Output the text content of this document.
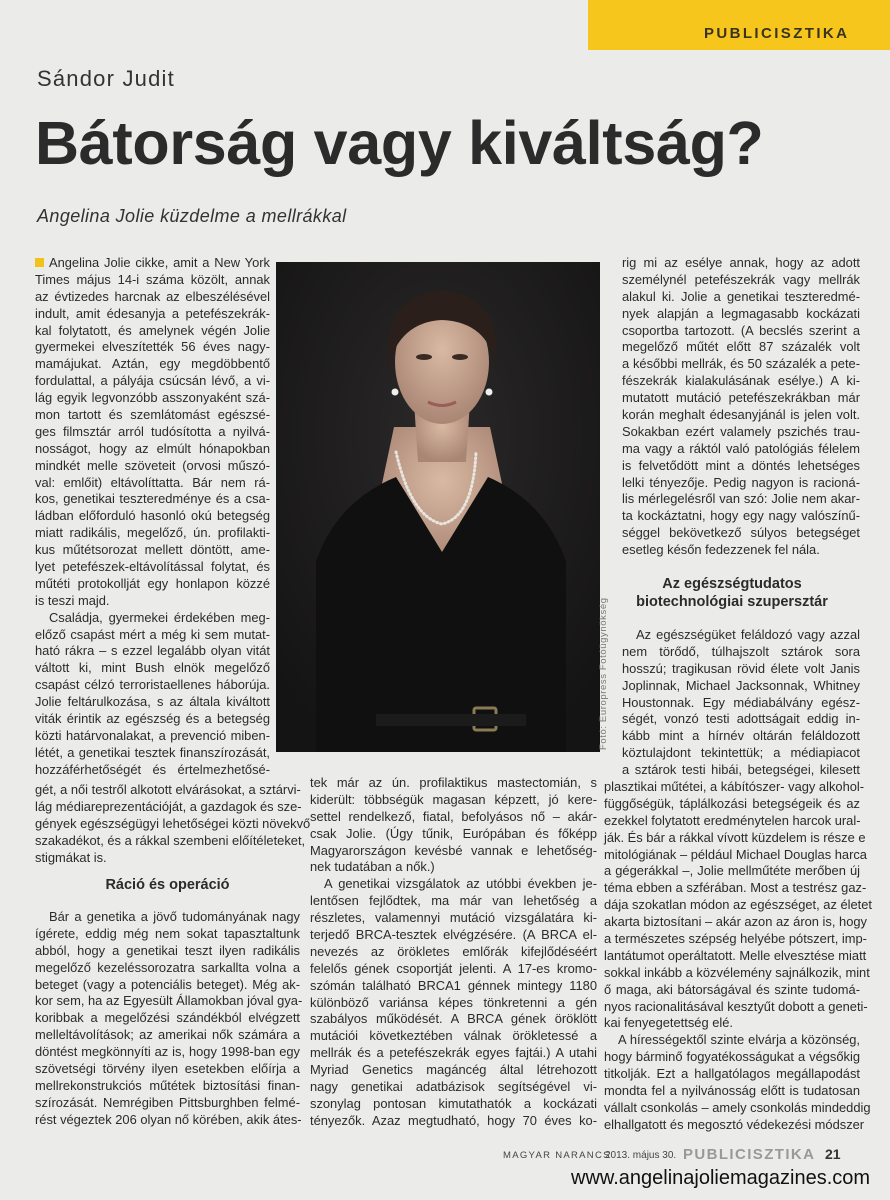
PUBLICISZTIKA
Sándor Judit
Bátorság vagy kiváltság?
Angelina Jolie küzdelme a mellrákkal
Fotó: Europress Fotóügynökség
Angelina Jolie cikke, amit a New York
Times május 14-i száma közölt, annak
az évtizedes harcnak az elbeszélésével
indult, amit édesanyja a petefészekrák-
kal folytatott, és amelynek végén Jolie
gyermekei elveszítették 56 éves nagy-
mamájukat. Aztán, egy megdöbbentő
fordulattal, a pályája csúcsán lévő, a vi-
lág egyik legvonzóbb asszonyaként szá-
mon tartott és szemlátomást egészsé-
ges filmsztár arról tudósította a nyilvá-
nosságot, hogy az elmúlt hónapokban
mindkét melle szöveteit (orvosi műszó-
val: emlőit) eltávolíttatta. Bár nem rá-
kos, genetikai teszteredménye és a csa-
ládban előforduló hasonló okú betegség
miatt radikális, megelőző, ún. profilakti-
kus műtétsorozat mellett döntött, ame-
lyet petefészek-eltávolítással folytat, és
műtéti protokollját egy honlapon közzé
is teszi majd.
Családja, gyermekei érdekében meg-
előző csapást mért a még ki sem mutat-
ható rákra – s ezzel legalább olyan vitát
váltott ki, mint Bush elnök megelőző
csapást célzó terroristaellenes háborúja.
Jolie feltárulkozása, s az általa kiváltott
viták érintik az egészség és a betegség
közti határvonalakat, a prevenció miben-
létét, a genetikai tesztek finanszírozását,
hozzáférhetőségét és értelmezhetősé-
gét, a női testről alkotott elvárásokat, a sztárvi-
lág médiareprezentációját, a gazdagok és sze-
gények egészségügyi lehetőségei közti növekvő
szakadékot, és a rákkal szembeni előítéleteket,
stigmákat is.
Ráció és operáció
Bár a genetika a jövő tudományának nagy
ígérete, eddig még nem sokat tapasztaltunk
abból, hogy a genetikai teszt ilyen radikális
megelőző kezeléssorozatra sarkallta volna a
beteget (vagy a potenciális beteget). Még ak-
kor sem, ha az Egyesült Államokban jóval gya-
koribbak a megelőzési szándékból elvégzett
melleltávolítások; az amerikai nők számára a
döntést megkönnyíti az is, hogy 1998-ban egy
szövetségi törvény ilyen esetekben előírja a
mellrekonstrukciós műtétek biztosítási finan-
szírozását. Nemrégiben Pittsburghben felmé-
rést végeztek 206 olyan nő körében, akik átes-
tek már az ún. profilaktikus mastectomián, s
kiderült: többségük magasan képzett, jó kere-
settel rendelkező, fiatal, befolyásos nő – akár-
csak Jolie. (Úgy tűnik, Európában és főképp
Magyarországon kevésbé vannak e lehetőség-
nek tudatában a nők.)
A genetikai vizsgálatok az utóbbi években je-
lentősen fejlődtek, ma már van lehetőség a
részletes, valamennyi mutáció vizsgálatára ki-
terjedő BRCA-tesztek elvégzésére. (A BRCA el-
nevezés az örökletes emlőrák kifejlődéséért
felelős gének csoportját jelenti. A 17-es kromo-
szómán található BRCA1 génnek mintegy 1180
különböző variánsa képes tönkretenni a gén
szabályos működését. A BRCA gének öröklött
mutációi következtében válnak örökletessé a
mellrák és a petefészekrák egyes fajtái.) A utahi
Myriad Genetics magáncég által létrehozott
nagy genetikai adatbázisok segítségével vi-
szonylag pontosan kimutathatók a kockázati
tényezők. Azaz megtudható, hogy 70 éves ko-
rig mi az esélye annak, hogy az adott
személynél petefészekrák vagy mellrák
alakul ki. Jolie a genetikai teszteredmé-
nyek alapján a legmagasabb kockázati
csoportba tartozott. (A becslés szerint a
megelőző műtét előtt 87 százalék volt
a későbbi mellrák, és 50 százalék a pete-
fészekrák kialakulásának esélye.) A ki-
mutatott mutáció petefészekrákban már
korán meghalt édesanyjánál is jelen volt.
Sokakban ezért valamely pszichés trau-
ma vagy a ráktól való patológiás félelem
is felvetődött mint a döntés lehetséges
lelki tényezője. Pedig nagyon is racioná-
lis mérlegelésről van szó: Jolie nem akar-
ta kockáztatni, hogy egy nagy valószínű-
séggel bekövetkező súlyos betegséget
esetleg későn fedezzenek fel nála.
Az egészségtudatos
biotechnológiai szupersztár
Az egészségüket feláldozó vagy azzal
nem törődő, túlhajszolt sztárok sora
hosszú; tragikusan rövid élete volt Janis
Joplinnak, Michael Jacksonnak, Whitney
Houstonnak. Egy médiabálvány egész-
ségét, vonzó testi adottságait eddig in-
kább mint a hírnév oltárán feláldozott
köztulajdont tekintettük; a médiapiacot
a sztárok testi hibái, betegségei, kilesett
plasztikai műtétei, a kábítószer- vagy alkohol-
függőségük, táplálkozási betegségeik és az
ezekkel folytatott eredménytelen harcok ural-
ják. És bár a rákkal vívott küzdelem is része e
mitológiának – például Michael Douglas harca
a gégerákkal –, Jolie mellműtéte merőben új
téma ebben a szférában. Most a testrész gaz-
dája szokatlan módon az egészséget, az életet
akarta biztosítani – akár azon az áron is, hogy
a természetes szépség helyébe pótszert, imp-
lantátumot operáltatott. Melle elvesztése miatt
sokkal inkább a közvélemény sajnálkozik, mint
ő maga, aki bátorságával és szinte tudomá-
nyos racionalitásával kesztyűt dobott a geneti-
kai fenyegetettség elé.
A hírességektől szinte elvárja a közönség,
hogy bárminő fogyatékosságukat a végsőkig
titkolják. Ezt a hallgatólagos megállapodást
mondta fel a nyilvánosság előtt is tudatosan
vállalt csonkolás – amely csonkolás mindeddig
elhallgatott és megosztó védekezési módszer
MAGYAR NARANCS
2013. május 30. PUBLICISZTIKA 21
www.angelinajoliemagazines.com
